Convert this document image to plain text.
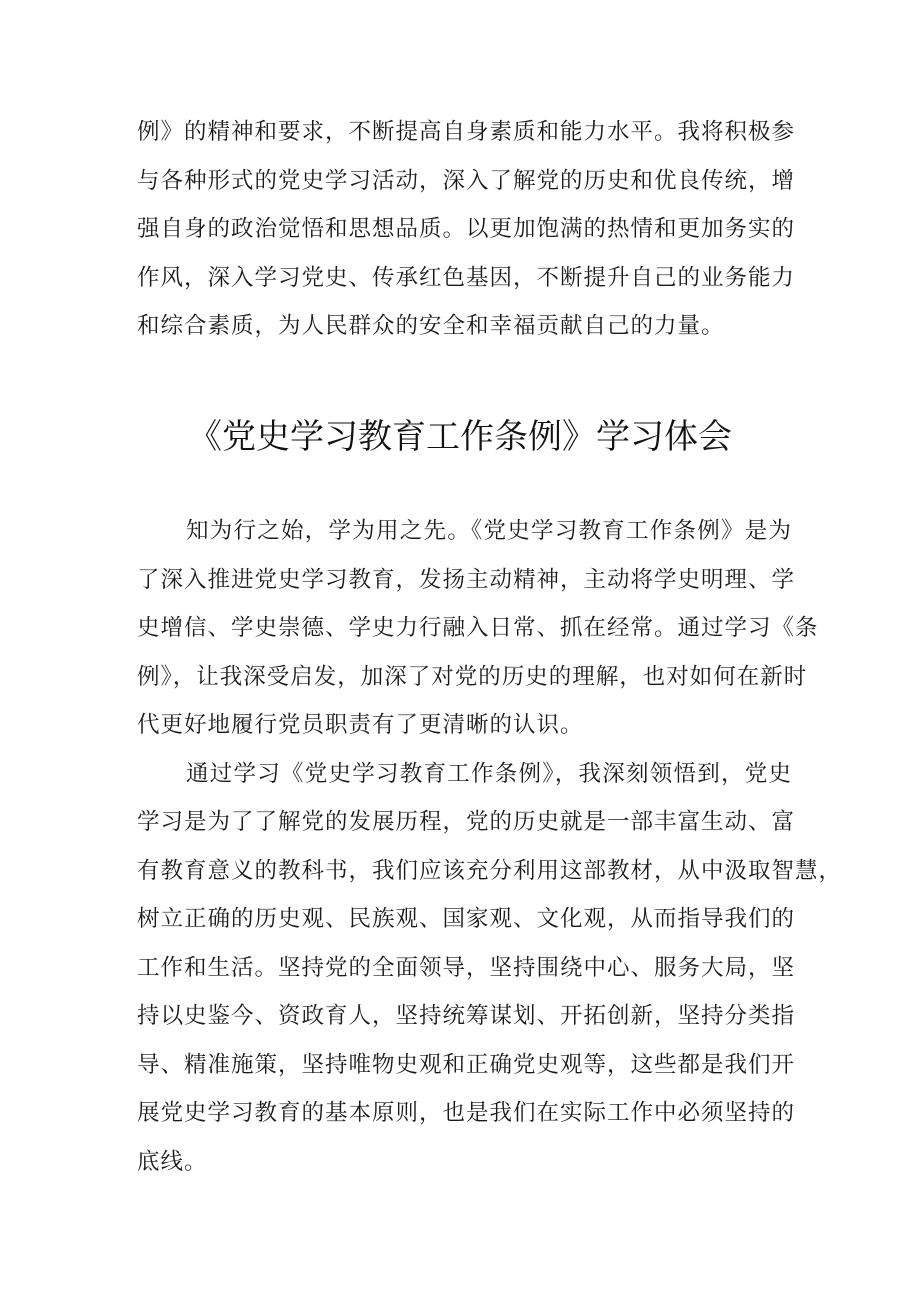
例》的精神和要求，不断提高自身素质和能力水平。我将积极参
与各种形式的党史学习活动，深入了解党的历史和优良传统，增
强自身的政治觉悟和思想品质。以更加饱满的热情和更加务实的
作风，深入学习党史、传承红色基因，不断提升自己的业务能力
和综合素质，为人民群众的安全和幸福贡献自己的力量。
《党史学习教育工作条例》学习体会
知为行之始，学为用之先。《党史学习教育工作条例》是为
了深入推进党史学习教育，发扬主动精神，主动将学史明理、学
史增信、学史崇德、学史力行融入日常、抓在经常。通过学习《条
例》，让我深受启发，加深了对党的历史的理解，也对如何在新时
代更好地履行党员职责有了更清晰的认识。
通过学习《党史学习教育工作条例》，我深刻领悟到，党史
学习是为了了解党的发展历程，党的历史就是一部丰富生动、富
有教育意义的教科书，我们应该充分利用这部教材，从中汲取智慧，
树立正确的历史观、民族观、国家观、文化观，从而指导我们的
工作和生活。坚持党的全面领导，坚持围绕中心、服务大局，坚
持以史鉴今、资政育人，坚持统筹谋划、开拓创新，坚持分类指
导、精准施策，坚持唯物史观和正确党史观等，这些都是我们开
展党史学习教育的基本原则，也是我们在实际工作中必须坚持的
底线。
